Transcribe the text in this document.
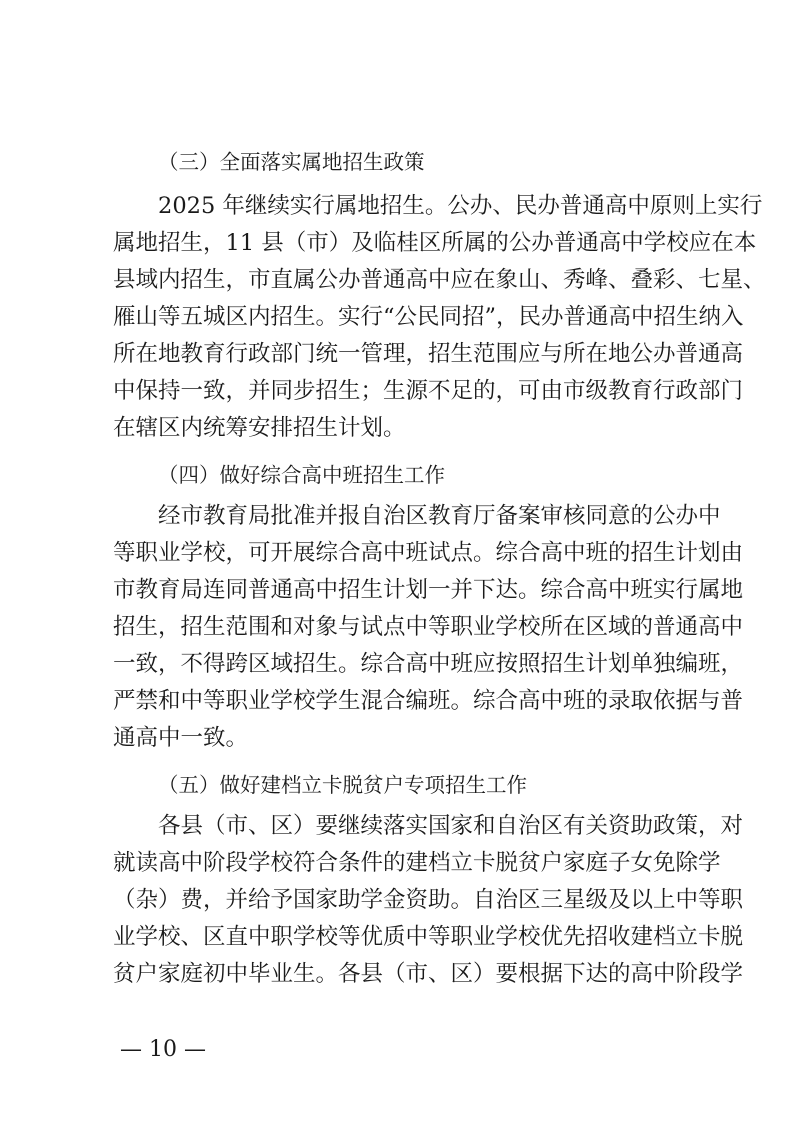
（三）全面落实属地招生政策
2025 年继续实行属地招生。公办、民办普通高中原则上实行
属地招生，11 县（市）及临桂区所属的公办普通高中学校应在本
县域内招生，市直属公办普通高中应在象山、秀峰、叠彩、七星、
雁山等五城区内招生。实行“公民同招”，民办普通高中招生纳入
所在地教育行政部门统一管理，招生范围应与所在地公办普通高
中保持一致，并同步招生；生源不足的，可由市级教育行政部门
在辖区内统筹安排招生计划。
（四）做好综合高中班招生工作
经市教育局批准并报自治区教育厅备案审核同意的公办中
等职业学校，可开展综合高中班试点。综合高中班的招生计划由
市教育局连同普通高中招生计划一并下达。综合高中班实行属地
招生，招生范围和对象与试点中等职业学校所在区域的普通高中
一致，不得跨区域招生。综合高中班应按照招生计划单独编班，
严禁和中等职业学校学生混合编班。综合高中班的录取依据与普
通高中一致。
（五）做好建档立卡脱贫户专项招生工作
各县（市、区）要继续落实国家和自治区有关资助政策，对
就读高中阶段学校符合条件的建档立卡脱贫户家庭子女免除学
（杂）费，并给予国家助学金资助。自治区三星级及以上中等职
业学校、区直中职学校等优质中等职业学校优先招收建档立卡脱
贫户家庭初中毕业生。各县（市、区）要根据下达的高中阶段学
— 10 —
